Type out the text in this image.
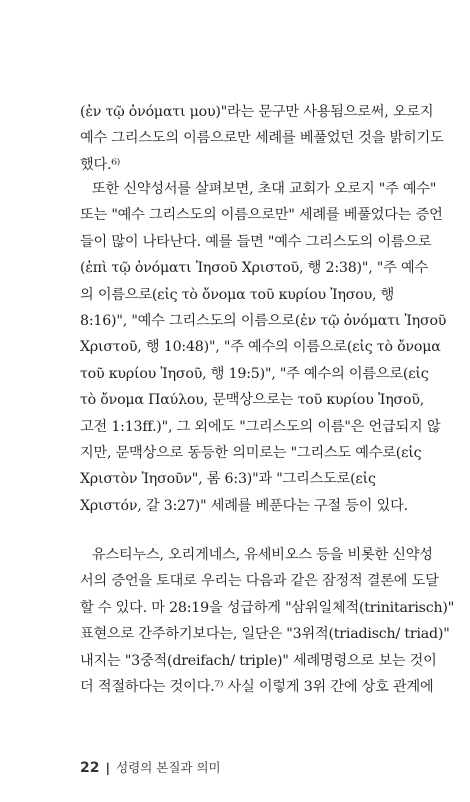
(ἐν τῷ ὀνόματι μου)"라는 문구만 사용됨으로써, 오로지
예수 그리스도의 이름으로만 세례를 베풀었던 것을 밝히기도
했다.⁶⁾
또한 신약성서를 살펴보면, 초대 교회가 오로지 "주 예수"
또는 "예수 그리스도의 이름으로만" 세례를 베풀었다는 증언
들이 많이 나타난다. 예를 들면 "예수 그리스도의 이름으로
(ἐπὶ τῷ ὀνόματι Ἰησοῦ Χριστοῦ, 행 2:38)", "주 예수
의 이름으로(εἰς τὸ ὄνομα τοῦ κυρίου Ἰησου, 행
8:16)", "예수 그리스도의 이름으로(ἐν τῷ ὀνόματι Ἰησοῦ
Χριστοῦ, 행 10:48)", "주 예수의 이름으로(εἰς τὸ ὄνομα
τοῦ κυρίου Ἰησοῦ, 행 19:5)", "주 예수의 이름으로(εἰς
τὸ ὄνομα Παύλου, 문맥상으로는 τοῦ κυρίου Ἰησοῦ,
고전 1:13ff.)", 그 외에도 "그리스도의 이름"은 언급되지 않
지만, 문맥상으로 동등한 의미로는 "그리스도 예수로(εἰς
Χριστὸν Ἰησοῦν", 롬 6:3)"과 "그리스도로(εἰς
Χριστόν, 갈 3:27)" 세례를 베푼다는 구절 등이 있다.
유스티누스, 오리게네스, 유세비오스 등을 비롯한 신약성
서의 증언을 토대로 우리는 다음과 같은 잠정적 결론에 도달
할 수 있다. 마 28:19을 성급하게 "삼위일체적(trinitarisch)"
표현으로 간주하기보다는, 일단은 "3위적(triadisch/ triad)"
내지는 "3중적(dreifach/ triple)" 세례명령으로 보는 것이
더 적절하다는 것이다.⁷⁾ 사실 이렇게 3위 간에 상호 관계에
22 | 성령의 본질과 의미
